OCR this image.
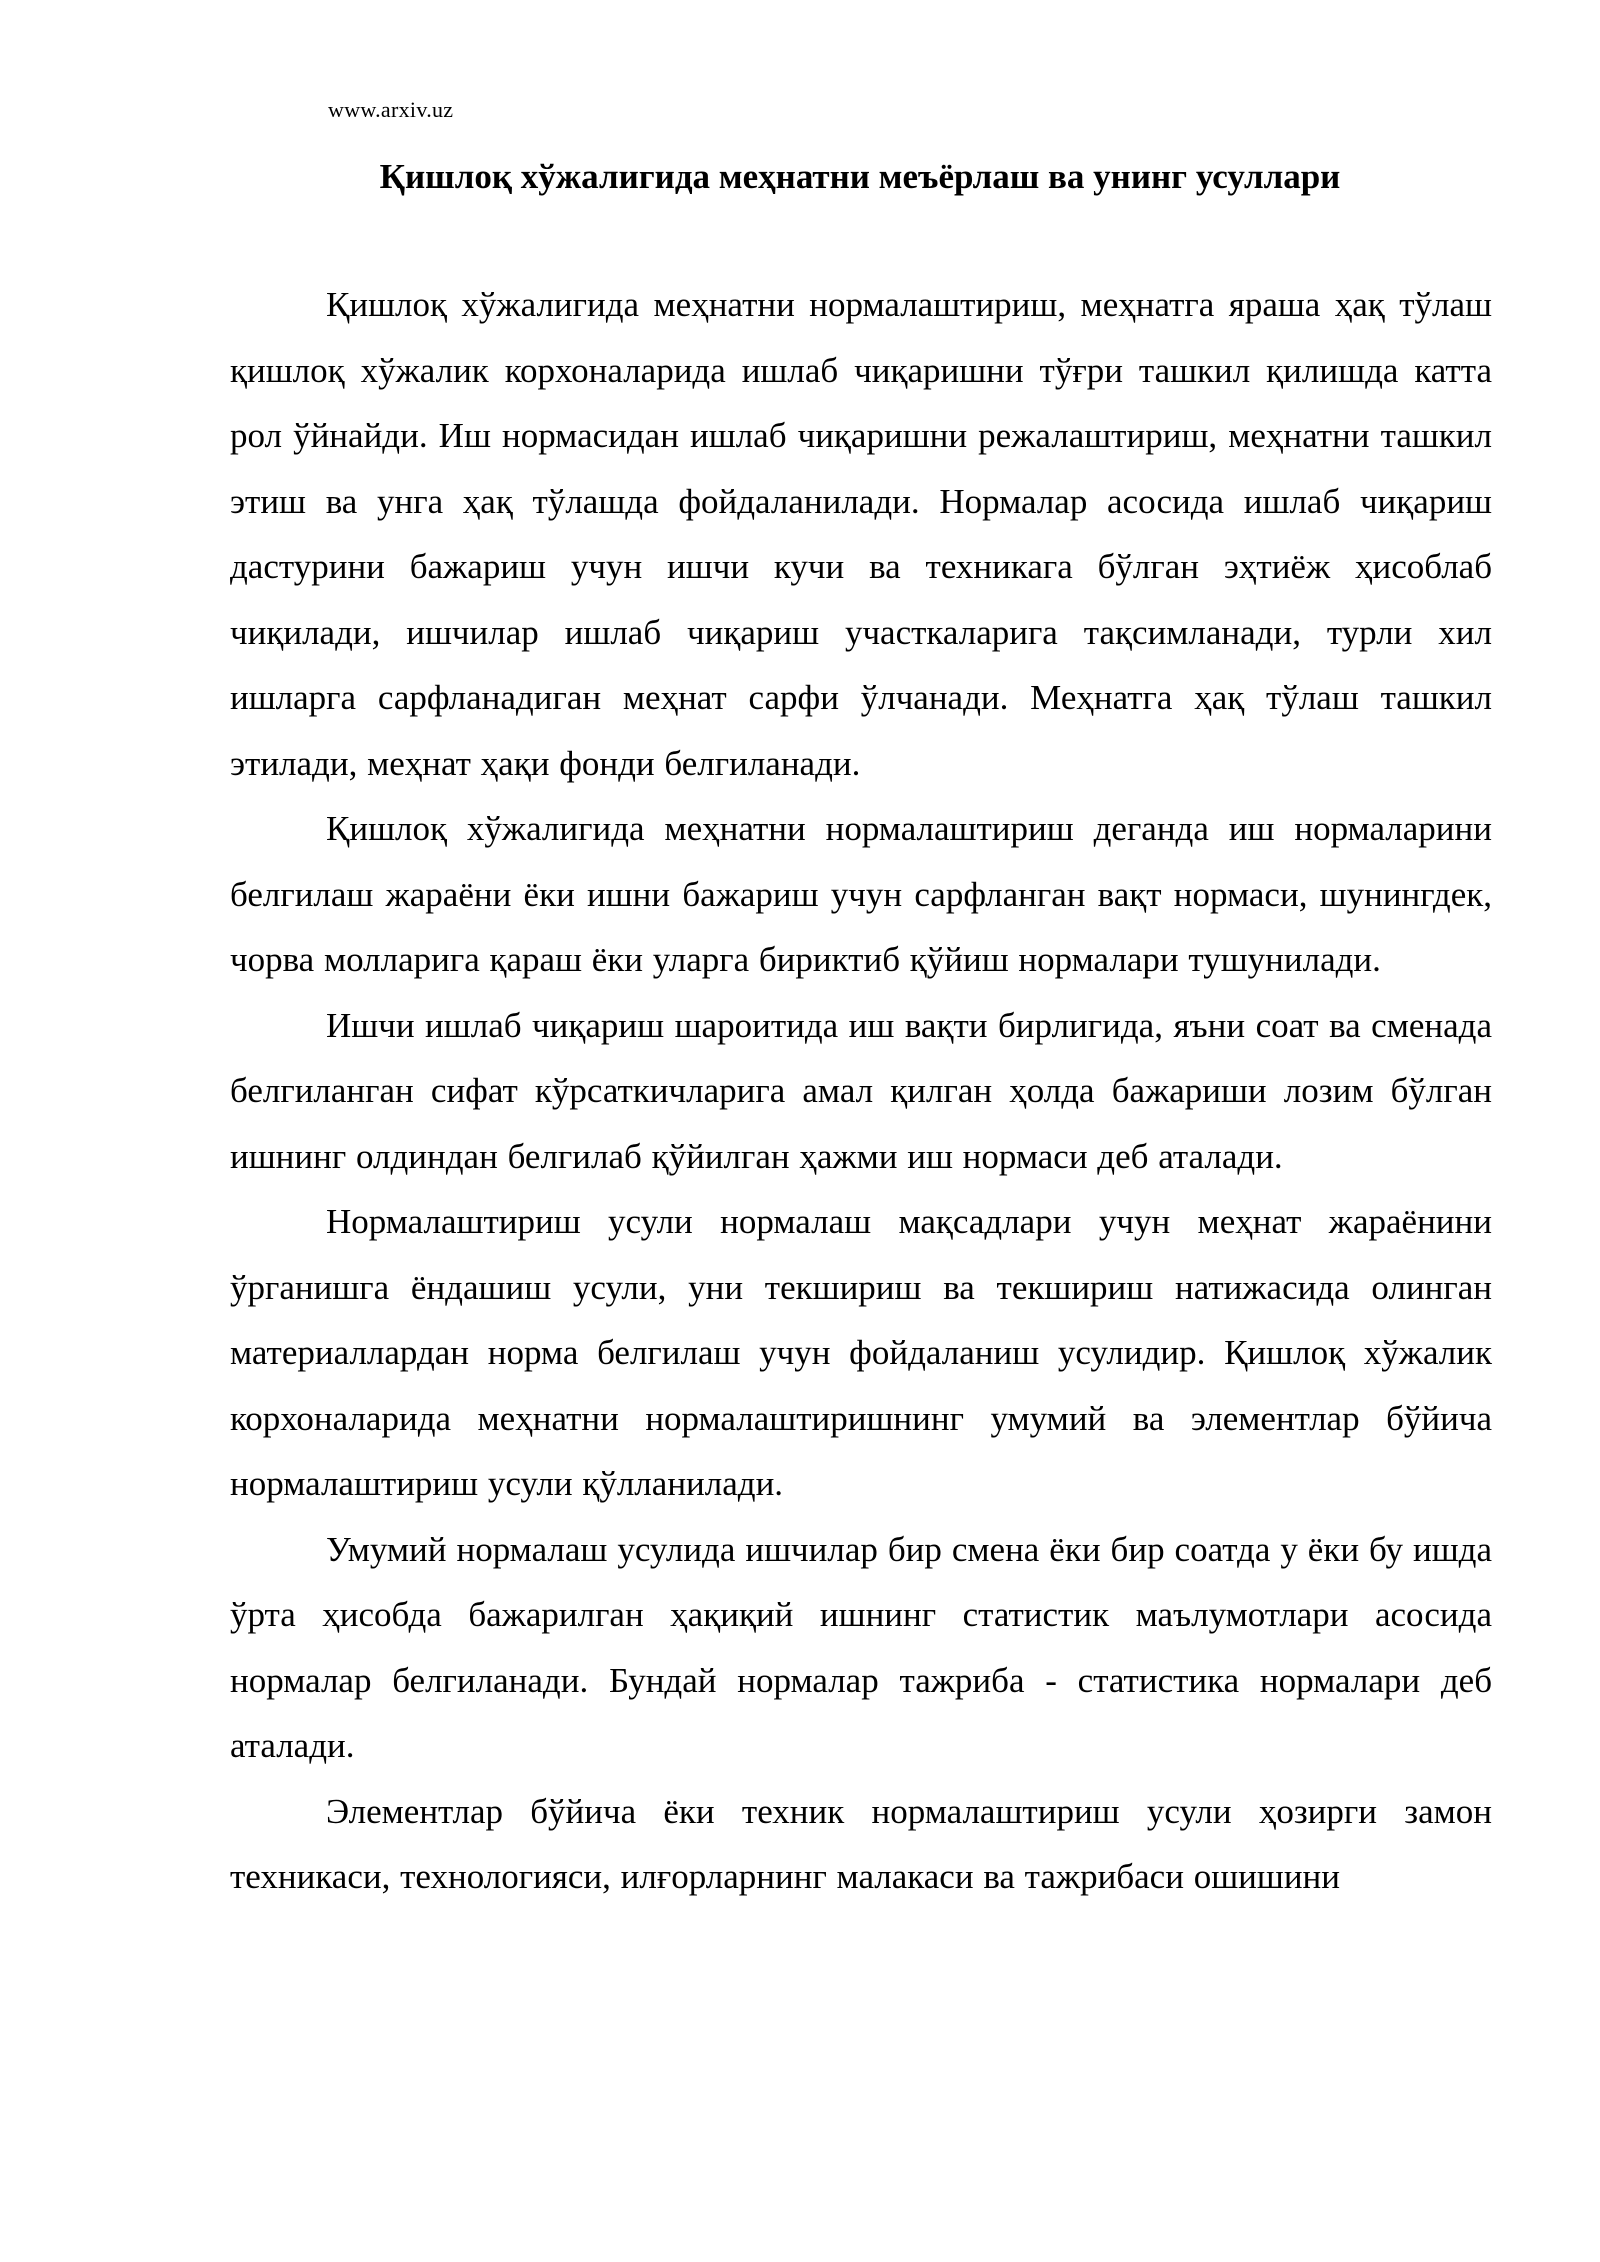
www.arxiv.uz
Қишлоқ хўжалигида меҳнатни меъёрлаш ва унинг усуллари

Қишлоқ хўжалигида меҳнатни нормалаштириш, меҳнатга яраша ҳақ тўлаш қишлоқ хўжалик корхоналарида ишлаб чиқаришни тўғри ташкил қилишда катта рол ўйнайди. Иш нормасидан ишлаб чиқаришни режалаштириш, меҳнатни ташкил этиш ва унга ҳақ тўлашда фойдаланилади. Нормалар асосида ишлаб чиқариш дастурини бажариш учун ишчи кучи ва техникага бўлган эҳтиёж ҳисоблаб чиқилади, ишчилар ишлаб чиқариш участкаларига тақсимланади, турли хил ишларга сарфланадиган меҳнат сарфи ўлчанади. Меҳнатга ҳақ тўлаш ташкил этилади, меҳнат ҳақи фонди белгиланади.

Қишлоқ хўжалигида меҳнатни нормалаштириш деганда иш нормаларини белгилаш жараёни ёки ишни бажариш учун сарфланган вақт нормаси, шунингдек, чорва молларига қараш ёки уларга бириктиб қўйиш нормалари тушунилади.

Ишчи ишлаб чиқариш шароитида иш вақти бирлигида, яъни соат ва сменада белгиланган сифат кўрсаткичларига амал қилган ҳолда бажариши лозим бўлган ишнинг олдиндан белгилаб қўйилган ҳажми иш нормаси деб аталади.

Нормалаштириш усули нормалаш мақсадлари учун меҳнат жараёнини ўрганишга ёндашиш усули, уни текшириш ва текшириш натижасида олинган материаллардан норма белгилаш учун фойдаланиш усулидир. Қишлоқ хўжалик корхоналарида меҳнатни нормалаштиришнинг умумий ва элементлар бўйича нормалаштириш усули қўлланилади.

Умумий нормалаш усулида ишчилар бир смена ёки бир соатда у ёки бу ишда ўрта ҳисобда бажарилган ҳақиқий ишнинг статистик маълумотлари асосида нормалар белгиланади. Бундай нормалар тажриба - статистика нормалари деб аталади.

Элементлар бўйича ёки техник нормалаштириш усули ҳозирги замон техникаси, технологияси, илғорларнинг малакаси ва тажрибаси ошишини
